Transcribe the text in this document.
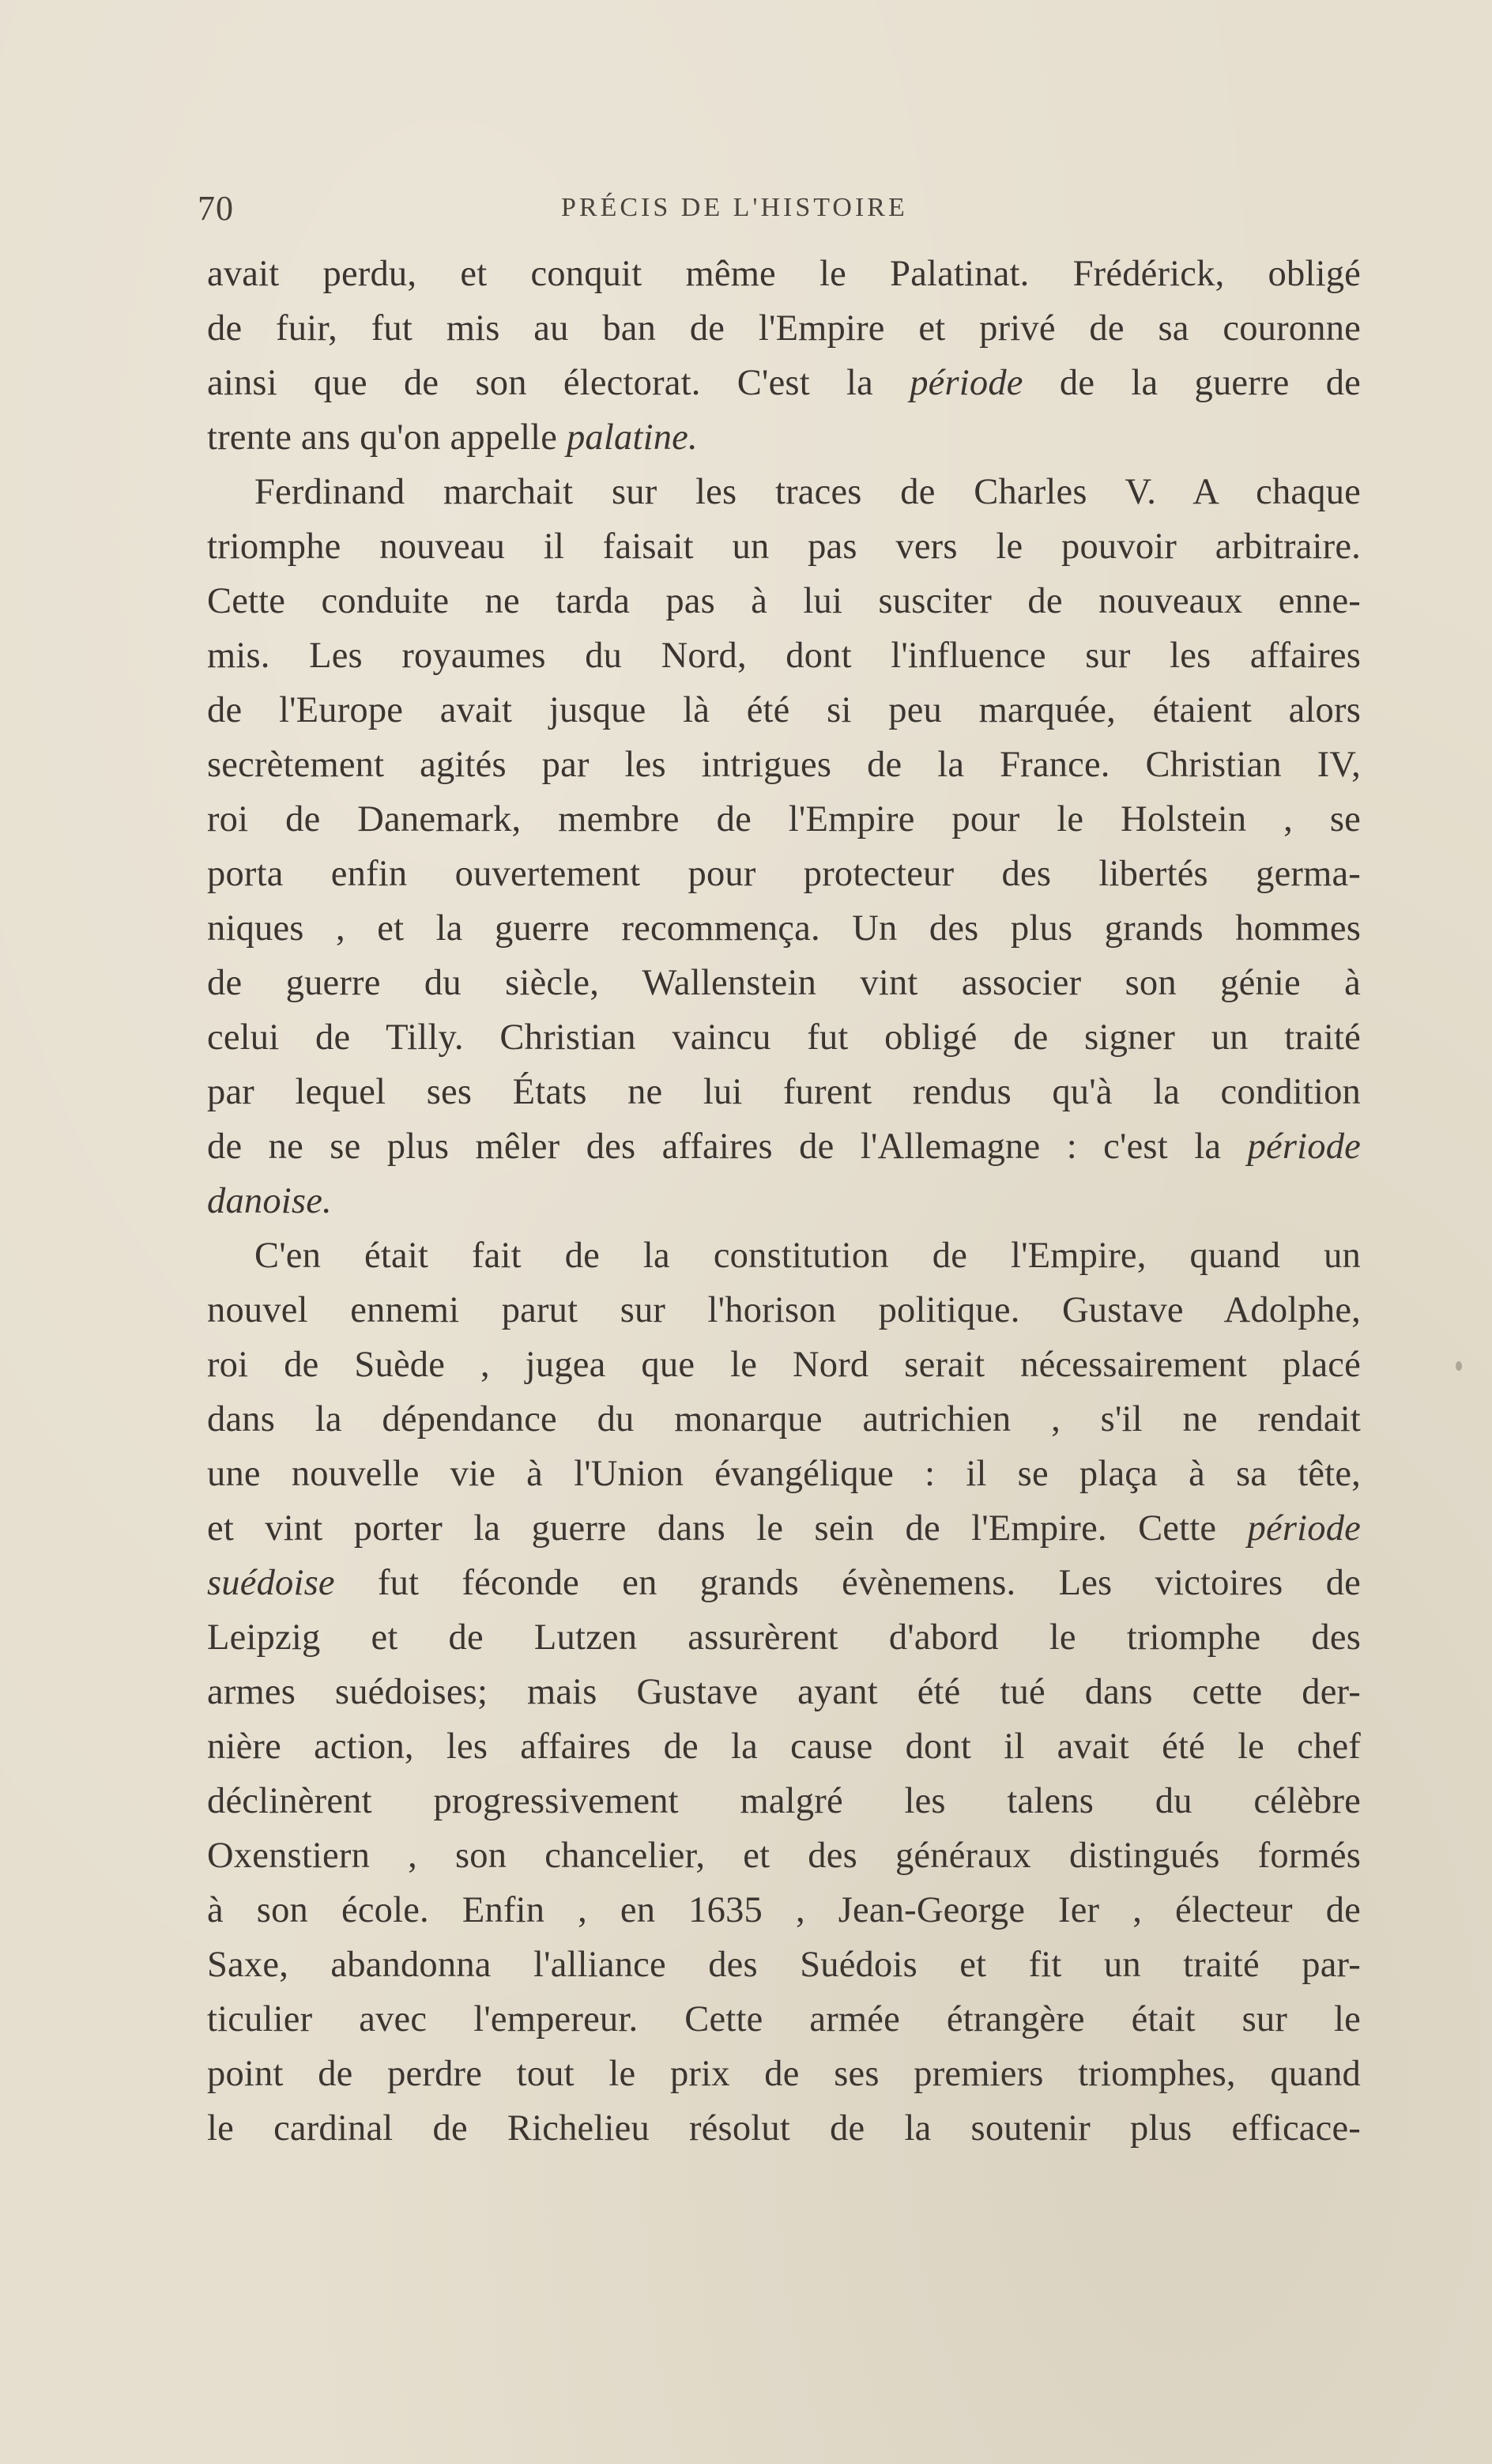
70	PRÉCIS DE L'HISTOIRE
avait perdu, et conquit même le Palatinat. Frédérick, obligé
de fuir, fut mis au ban de l'Empire et privé de sa couronne
ainsi que de son électorat. C'est la période de la guerre de
trente ans qu'on appelle palatine.
Ferdinand marchait sur les traces de Charles V. A chaque
triomphe nouveau il faisait un pas vers le pouvoir arbitraire.
Cette conduite ne tarda pas à lui susciter de nouveaux enne-
mis. Les royaumes du Nord, dont l'influence sur les affaires
de l'Europe avait jusque là été si peu marquée, étaient alors
secrètement agités par les intrigues de la France. Christian IV,
roi de Danemark, membre de l'Empire pour le Holstein , se
porta enfin ouvertement pour protecteur des libertés germa-
niques , et la guerre recommença. Un des plus grands hommes
de guerre du siècle, Wallenstein vint associer son génie à
celui de Tilly. Christian vaincu fut obligé de signer un traité
par lequel ses États ne lui furent rendus qu'à la condition
de ne se plus mêler des affaires de l'Allemagne : c'est la période
danoise.
C'en était fait de la constitution de l'Empire, quand un
nouvel ennemi parut sur l'horison politique. Gustave Adolphe,
roi de Suède , jugea que le Nord serait nécessairement placé
dans la dépendance du monarque autrichien , s'il ne rendait
une nouvelle vie à l'Union évangélique : il se plaça à sa tête,
et vint porter la guerre dans le sein de l'Empire. Cette période
suédoise fut féconde en grands évènemens. Les victoires de
Leipzig et de Lutzen assurèrent d'abord le triomphe des
armes suédoises; mais Gustave ayant été tué dans cette der-
nière action, les affaires de la cause dont il avait été le chef
déclinèrent progressivement malgré les talens du célèbre
Oxenstiern , son chancelier, et des généraux distingués formés
à son école. Enfin , en 1635 , Jean-George Ier , électeur de
Saxe, abandonna l'alliance des Suédois et fit un traité par-
ticulier avec l'empereur. Cette armée étrangère était sur le
point de perdre tout le prix de ses premiers triomphes, quand
le cardinal de Richelieu résolut de la soutenir plus efficace-
